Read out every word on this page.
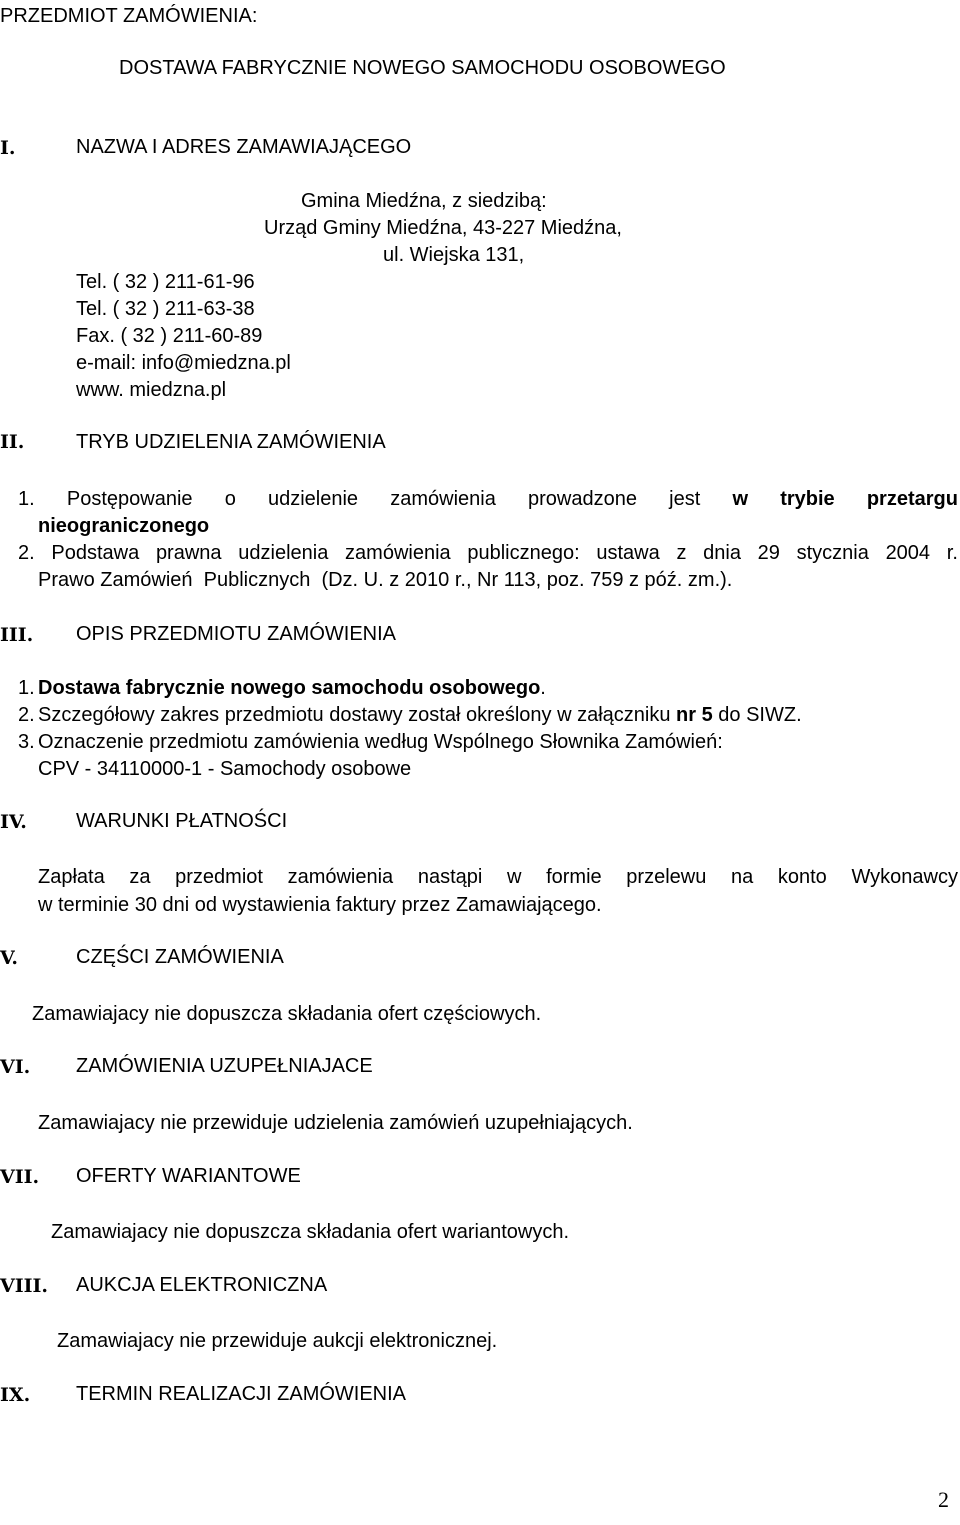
PRZEDMIOT ZAMÓWIENIA:
DOSTAWA FABRYCZNIE NOWEGO SAMOCHODU OSOBOWEGO
I.	NAZWA I ADRES ZAMAWIAJĄCEGO
Gmina Miedźna, z siedzibą:
Urząd Gminy Miedźna, 43-227 Miedźna,
ul. Wiejska 131,
Tel. ( 32 ) 211-61-96
Tel. ( 32 ) 211-63-38
Fax. ( 32 ) 211-60-89
e-mail: info@miedzna.pl
www. miedzna.pl
II.	TRYB UDZIELENIA ZAMÓWIENIA
1. Postępowanie o udzielenie zamówienia prowadzone jest w trybie przetargu
nieograniczonego
2. Podstawa prawna udzielenia zamówienia publicznego: ustawa z dnia 29 stycznia 2004 r.
Prawo Zamówień  Publicznych  (Dz. U. z 2010 r., Nr 113, poz. 759 z póź. zm.).
III. OPIS PRZEDMIOTU ZAMÓWIENIA
1. Dostawa fabrycznie nowego samochodu osobowego.
2. Szczegółowy zakres przedmiotu dostawy został określony w załączniku nr 5 do SIWZ.
3. Oznaczenie przedmiotu zamówienia według Wspólnego Słownika Zamówień:
CPV - 34110000-1 - Samochody osobowe
IV. WARUNKI PŁATNOŚCI
Zapłata za przedmiot zamówienia nastąpi w formie przelewu na konto Wykonawcy
w terminie 30 dni od wystawienia faktury przez Zamawiającego.
V.	CZĘŚCI ZAMÓWIENIA
Zamawiajacy nie dopuszcza składania ofert częściowych.
VI. ZAMÓWIENIA UZUPEŁNIAJACE
Zamawiajacy nie przewiduje udzielenia zamówień uzupełniających.
VII. OFERTY WARIANTOWE
Zamawiajacy nie dopuszcza składania ofert wariantowych.
VIII. AUKCJA ELEKTRONICZNA
Zamawiajacy nie przewiduje aukcji elektronicznej.
IX. TERMIN REALIZACJI ZAMÓWIENIA
2
